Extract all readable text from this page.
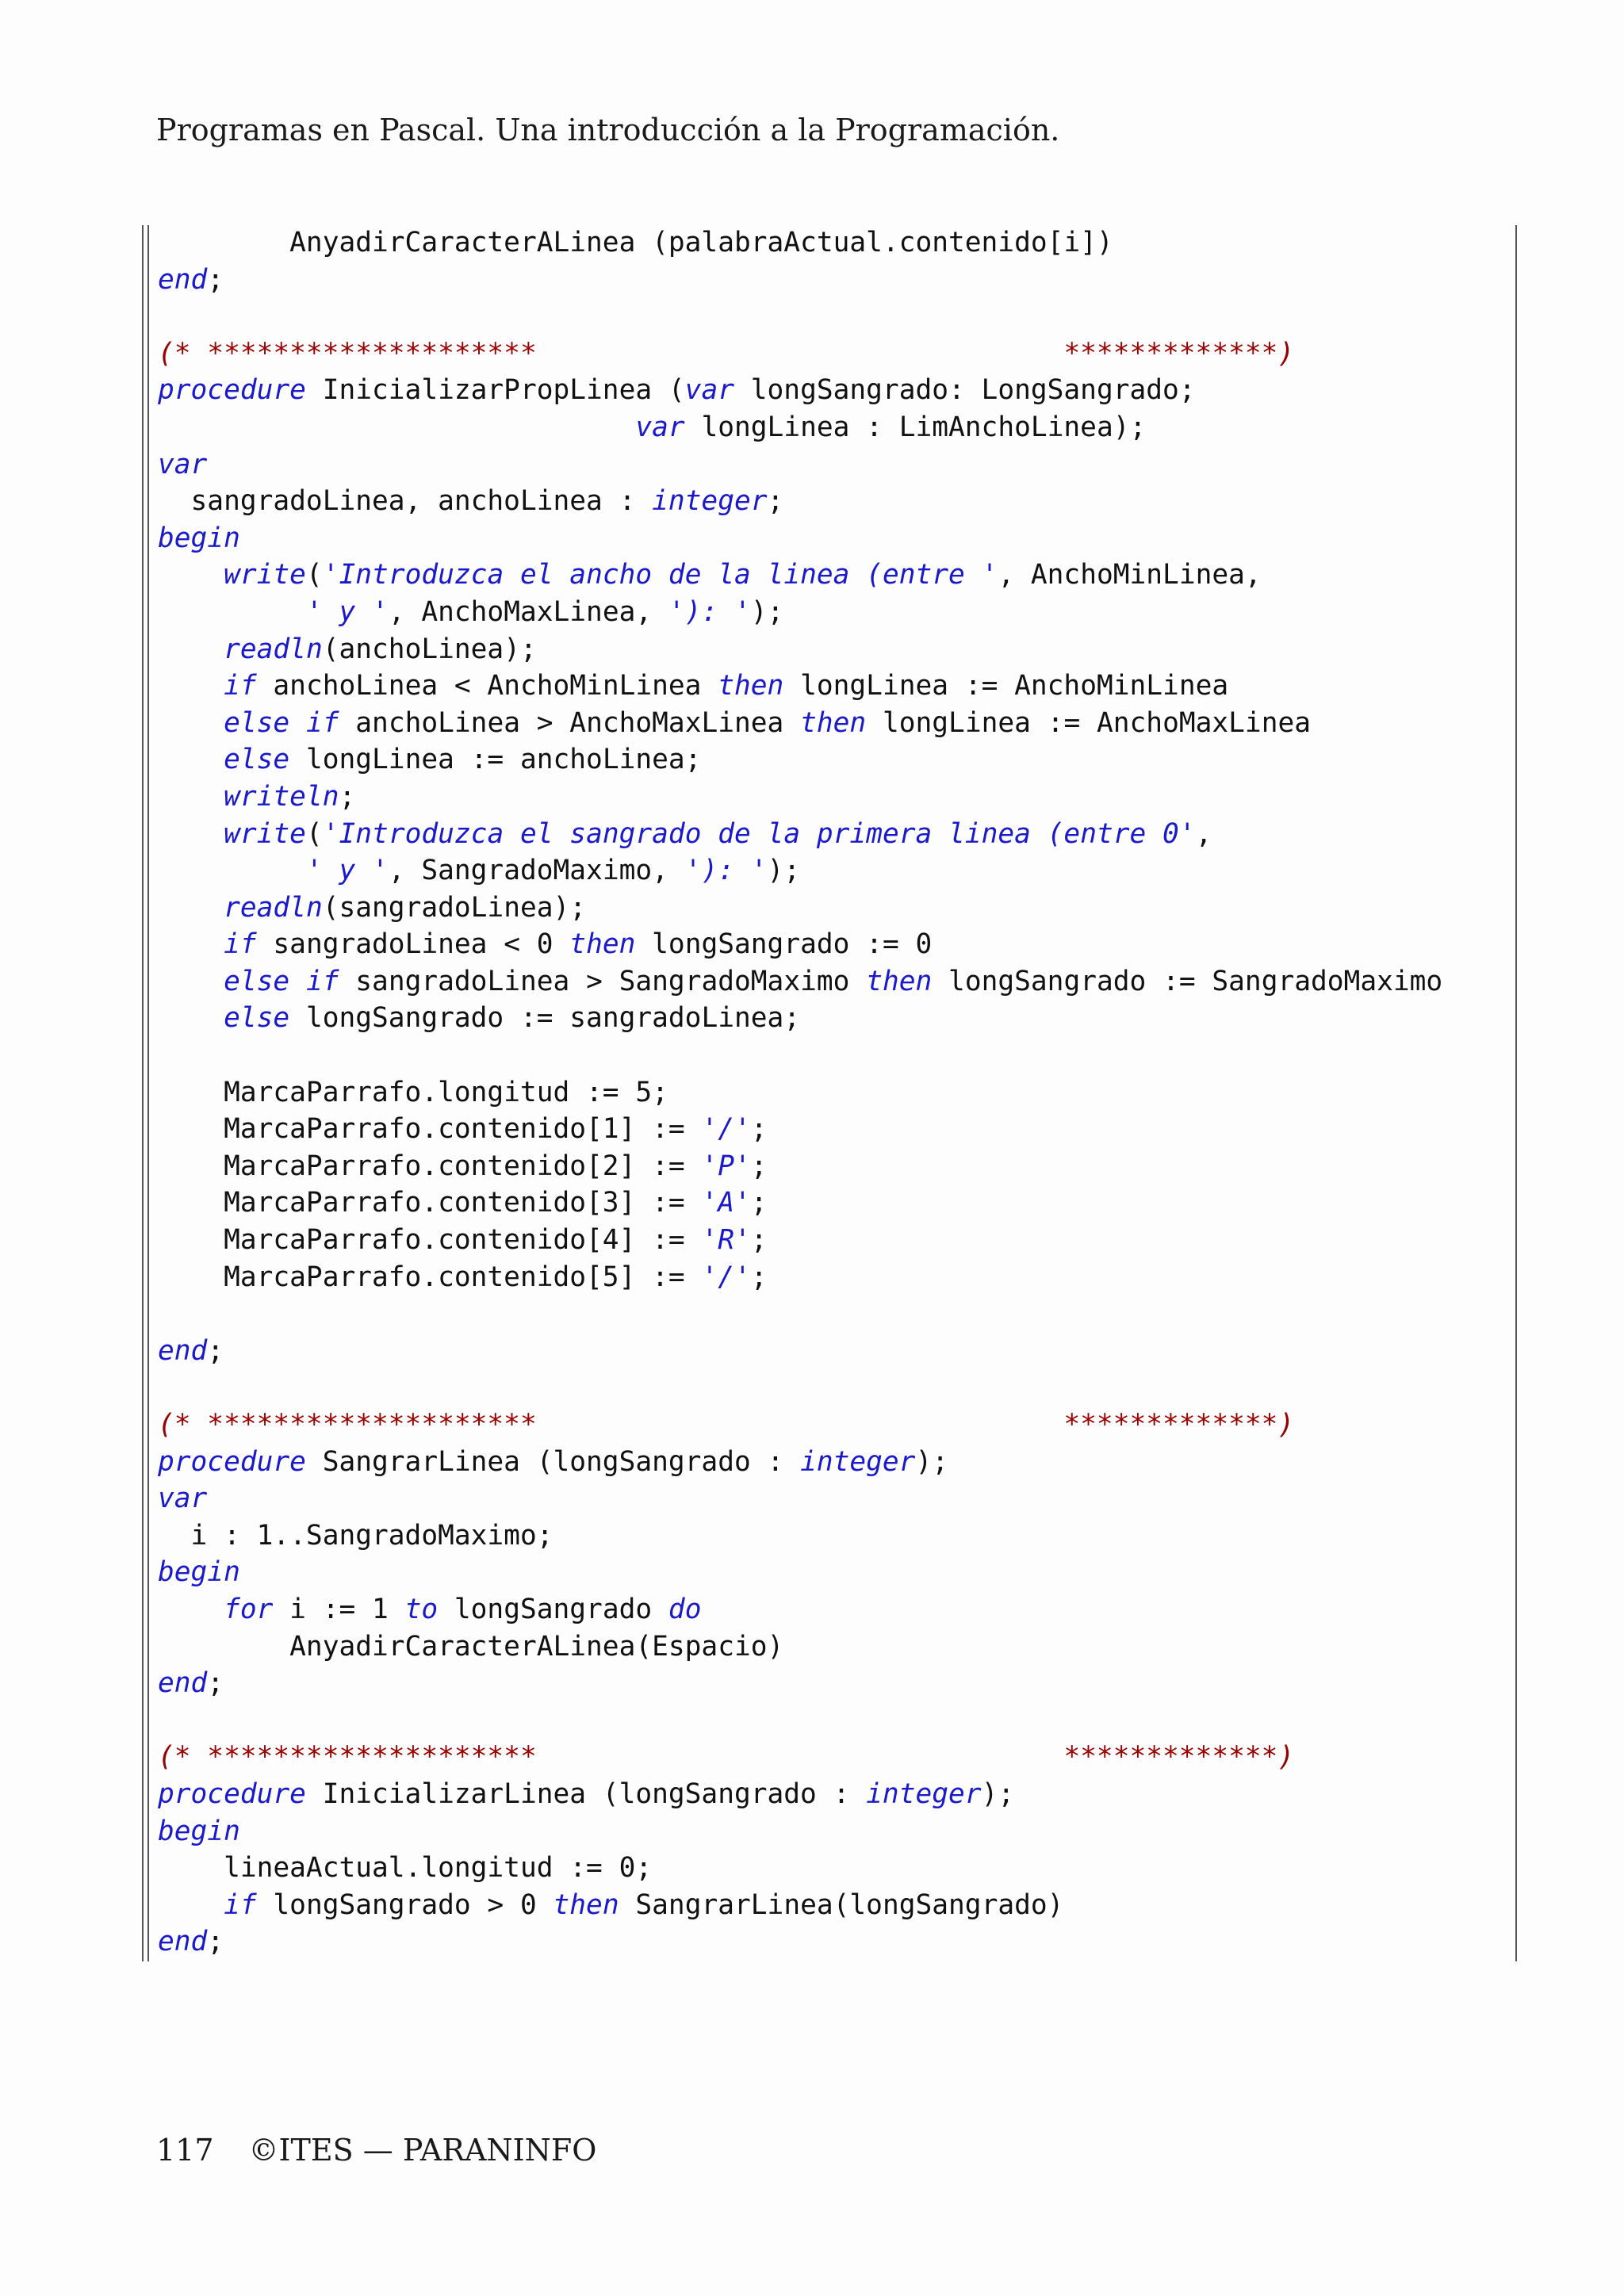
Programas en Pascal. Una introducción a la Programación.
AnyadirCaracterALinea (palabraActual.contenido[i])
end;
(* ********************                                *************)
procedure InicializarPropLinea (var longSangrado: LongSangrado;
var longLinea : LimAnchoLinea);
var
sangradoLinea, anchoLinea : integer;
begin
write('Introduzca el ancho de la linea (entre ', AnchoMinLinea,
' y ', AnchoMaxLinea, '): ');
readln(anchoLinea);
if anchoLinea < AnchoMinLinea then longLinea := AnchoMinLinea
else if anchoLinea > AnchoMaxLinea then longLinea := AnchoMaxLinea
else longLinea := anchoLinea;
writeln;
write('Introduzca el sangrado de la primera linea (entre 0',
' y ', SangradoMaximo, '): ');
readln(sangradoLinea);
if sangradoLinea < 0 then longSangrado := 0
else if sangradoLinea > SangradoMaximo then longSangrado := SangradoMaximo
else longSangrado := sangradoLinea;
MarcaParrafo.longitud := 5;
MarcaParrafo.contenido[1] := '/';
MarcaParrafo.contenido[2] := 'P';
MarcaParrafo.contenido[3] := 'A';
MarcaParrafo.contenido[4] := 'R';
MarcaParrafo.contenido[5] := '/';
end;
(* ********************                                *************)
procedure SangrarLinea (longSangrado : integer);
var
i : 1..SangradoMaximo;
begin
for i := 1 to longSangrado do
AnyadirCaracterALinea(Espacio)
end;
(* ********************                                *************)
procedure InicializarLinea (longSangrado : integer);
begin
lineaActual.longitud := 0;
if longSangrado > 0 then SangrarLinea(longSangrado)
end;
117 ©ITES — PARANINFO
